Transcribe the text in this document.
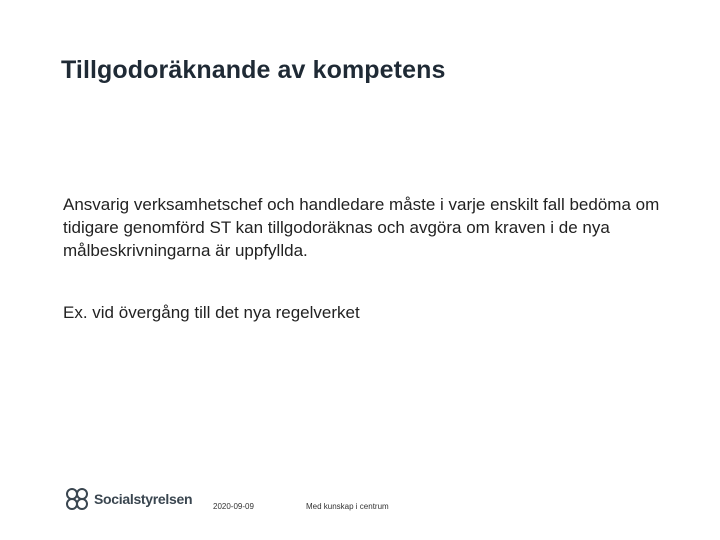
Tillgodoräknande av kompetens
Ansvarig verksamhetschef och handledare måste i varje enskilt fall bedöma om tidigare genomförd ST kan tillgodoräknas och avgöra om kraven i de nya målbeskrivningarna är uppfyllda.
Ex. vid övergång till det nya regelverket
Socialstyrelsen	2020-09-09	Med kunskap i centrum
